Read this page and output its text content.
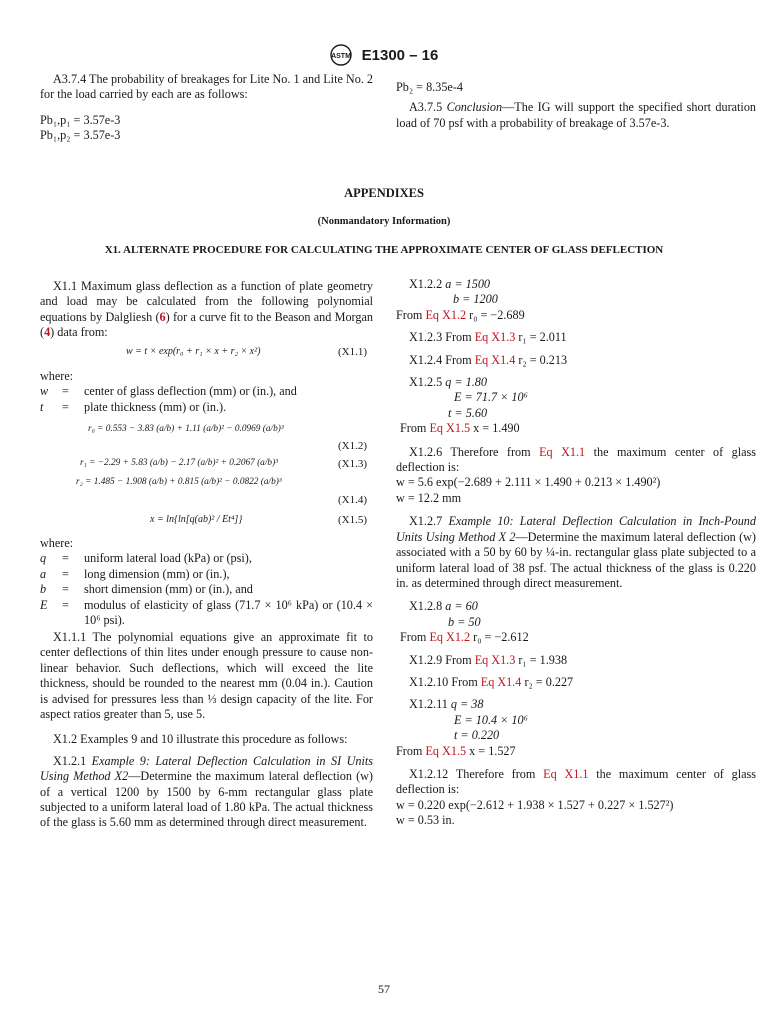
ASTM E1300 – 16

A3.7.4 The probability of breakages for Lite No. 1 and Lite No. 2 for the load carried by each are as follows:

Pb₁,p₁ = 3.57e-3

Pb₁,p₂ = 3.57e-3

Pb₂ = 8.35e-4

A3.7.5 Conclusion—The IG will support the specified short duration load of 70 psf with a probability of breakage of 3.57e-3.

APPENDIXES
(Nonmandatory Information)
X1. ALTERNATE PROCEDURE FOR CALCULATING THE APPROXIMATE CENTER OF GLASS DEFLECTION

X1.1 Maximum glass deflection as a function of plate geometry and load may be calculated from the following polynomial equations by Dalgliesh (6) for a curve fit to the Beason and Morgan (4) data from:

w = t × exp(r₀ + r₁ × x + r₂ × x²)	(X1.1)

where:

w	=	center of glass deflection (mm) or (in.), and
t	=	plate thickness (mm) or (in.).
r₀ = 0.553 − 3.83 (a/b) + 1.11 (a/b)² − 0.0969 (a/b)³
(X1.2)
r₁ = −2.29 + 5.83 (a/b) − 2.17 (a/b)² + 0.2067 (a/b)³	(X1.3)
r₂ = 1.485 − 1.908 (a/b) + 0.815 (a/b)² − 0.0822 (a/b)³
(X1.4)
x = ln{ln[q(ab)² / Et⁴]}	(X1.5)

where:

q	=	uniform lateral load (kPa) or (psi),
a	=	long dimension (mm) or (in.),
b	=	short dimension (mm) or (in.), and
E	=	modulus of elasticity of glass (71.7 × 10⁶ kPa) or (10.4 × 10⁶ psi).

X1.1.1 The polynomial equations give an approximate fit to center deflections of thin lites under enough pressure to cause non-linear behavior. Such deflections, which will exceed the lite thickness, should be rounded to the nearest mm (0.04 in.). Caution is advised for pressures less than ⅓ design capacity of the lite. For aspect ratios greater than 5, use 5.

X1.2 Examples 9 and 10 illustrate this procedure as follows:

X1.2.1 Example 9: Lateral Deflection Calculation in SI Units Using Method X2—Determine the maximum lateral deflection (w) of a vertical 1200 by 1500 by 6-mm rectangular glass plate subjected to a uniform lateral load of 1.80 kPa. The actual thickness of the glass is 5.60 mm as determined through direct measurement.

X1.2.2 a = 1500

b = 1200

From Eq X1.2 r₀ = −2.689

X1.2.3 From Eq X1.3 r₁ = 2.011

X1.2.4 From Eq X1.4 r₂ = 0.213

X1.2.5 q = 1.80

E = 71.7 × 10⁶

t = 5.60

From Eq X1.5 x = 1.490

X1.2.6 Therefore from Eq X1.1 the maximum center of glass deflection is:

w = 5.6 exp(−2.689 + 2.111 × 1.490 + 0.213 × 1.490²)

w = 12.2 mm

X1.2.7 Example 10: Lateral Deflection Calculation in Inch-Pound Units Using Method X 2—Determine the maximum lateral deflection (w) associated with a 50 by 60 by ¼-in. rectangular glass plate subjected to a uniform lateral load of 38 psf. The actual thickness of the glass is 0.220 in. as determined through direct measurement.

X1.2.8 a = 60

b = 50

From Eq X1.2 r₀ = −2.612

X1.2.9 From Eq X1.3 r₁ = 1.938

X1.2.10 From Eq X1.4 r₂ = 0.227

X1.2.11 q = 38

E = 10.4 × 10⁶

t = 0.220

From Eq X1.5 x = 1.527

X1.2.12 Therefore from Eq X1.1 the maximum center of glass deflection is:

w = 0.220 exp(−2.612 + 1.938 × 1.527 + 0.227 × 1.527²)

w = 0.53 in.

57
